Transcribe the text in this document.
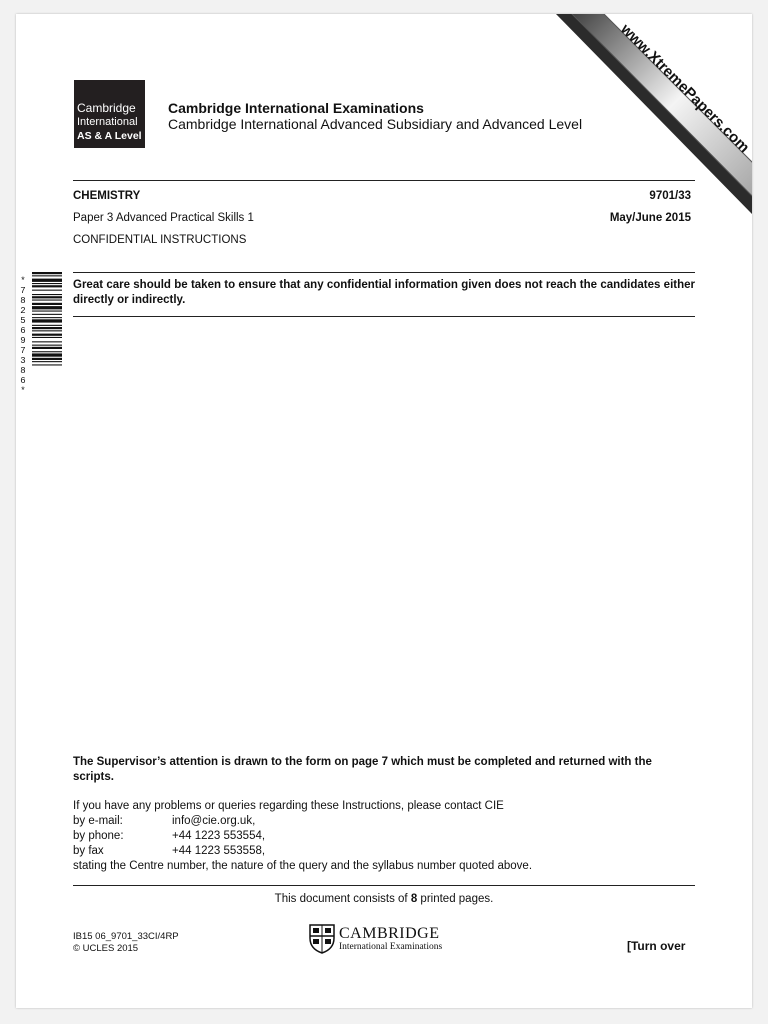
Cambridge
International
AS & A Level
Cambridge International Examinations
Cambridge International Advanced Subsidiary and Advanced Level www.XtremePapers.com
CHEMISTRY	9701/33
Paper 3 Advanced Practical Skills 1	May/June 2015
CONFIDENTIAL INSTRUCTIONS
*
7
8
2
5
6
9
7
3
8
6
*
Great care should be taken to ensure that any confidential information given does not reach the candidates either directly or indirectly.
The Supervisor’s attention is drawn to the form on page 7 which must be completed and returned with the scripts.
If you have any problems or queries regarding these Instructions, please contact CIE
by e-mail:	info@cie.org.uk,
by phone:	+44 1223 553554,
by fax	+44 1223 553558,
stating the Centre number, the nature of the query and the syllabus number quoted above.
This document consists of 8 printed pages.
IB15 06_9701_33CI/4RP
© UCLES 2015
CAMBRIDGE
International Examinations	[Turn over
